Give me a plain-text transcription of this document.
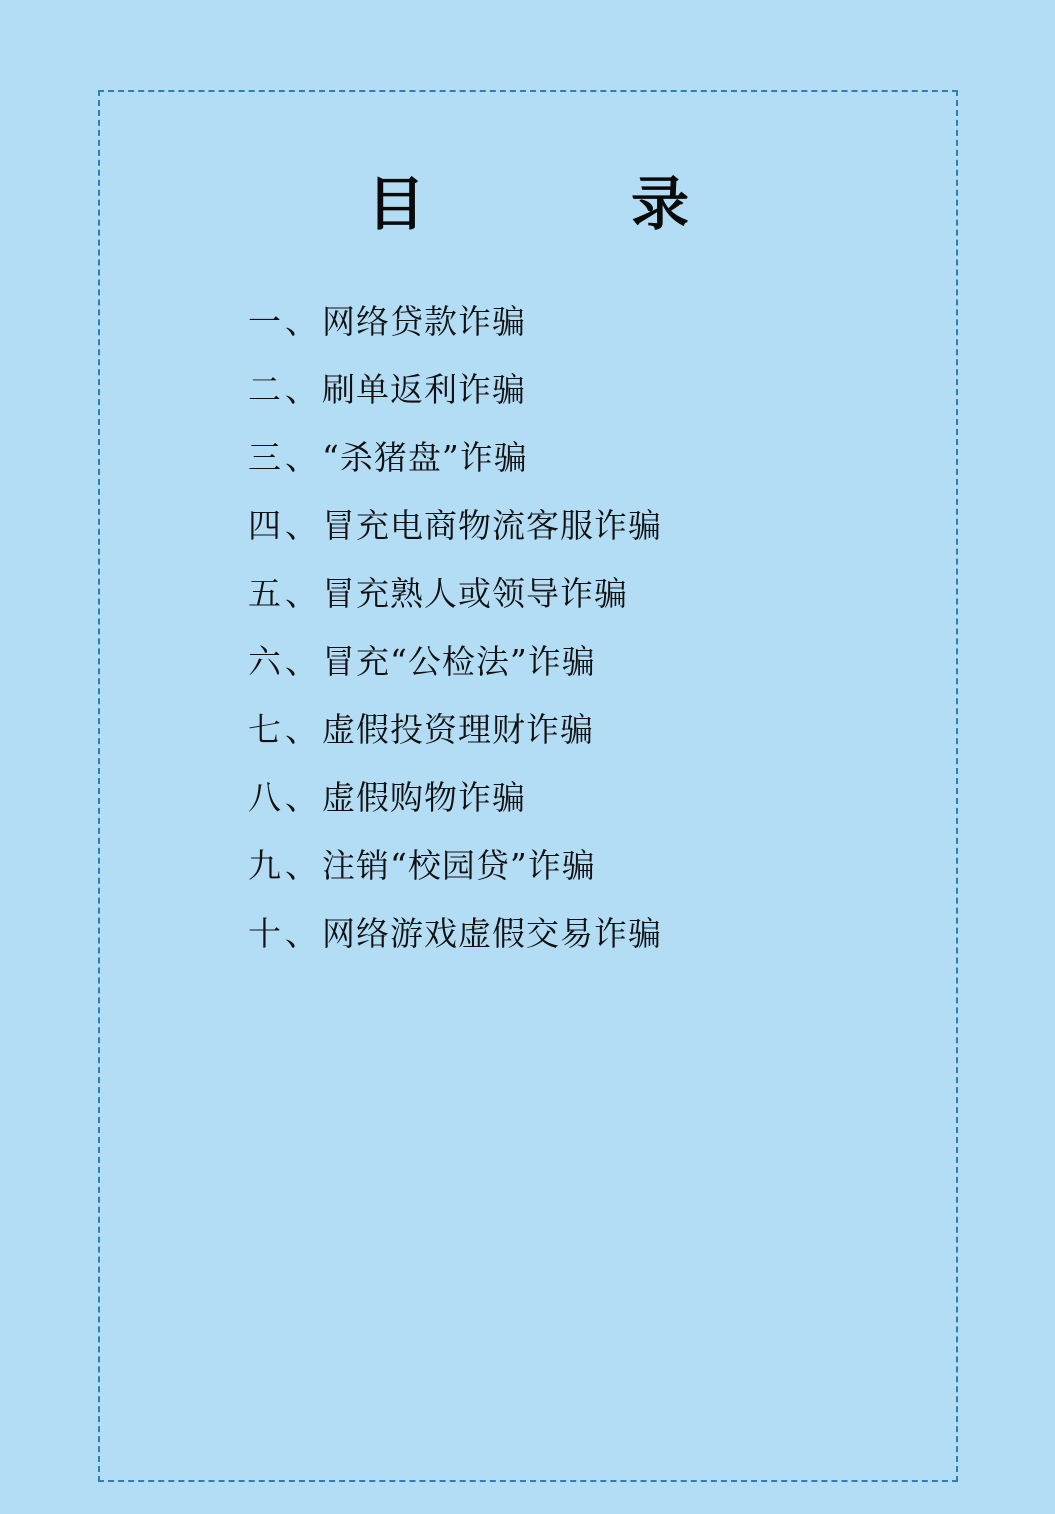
目　　录
一、网络贷款诈骗
二、刷单返利诈骗
三、“杀猪盘”诈骗
四、冒充电商物流客服诈骗
五、冒充熟人或领导诈骗
六、冒充“公检法”诈骗
七、虚假投资理财诈骗
八、虚假购物诈骗
九、注销“校园贷”诈骗
十、网络游戏虚假交易诈骗
